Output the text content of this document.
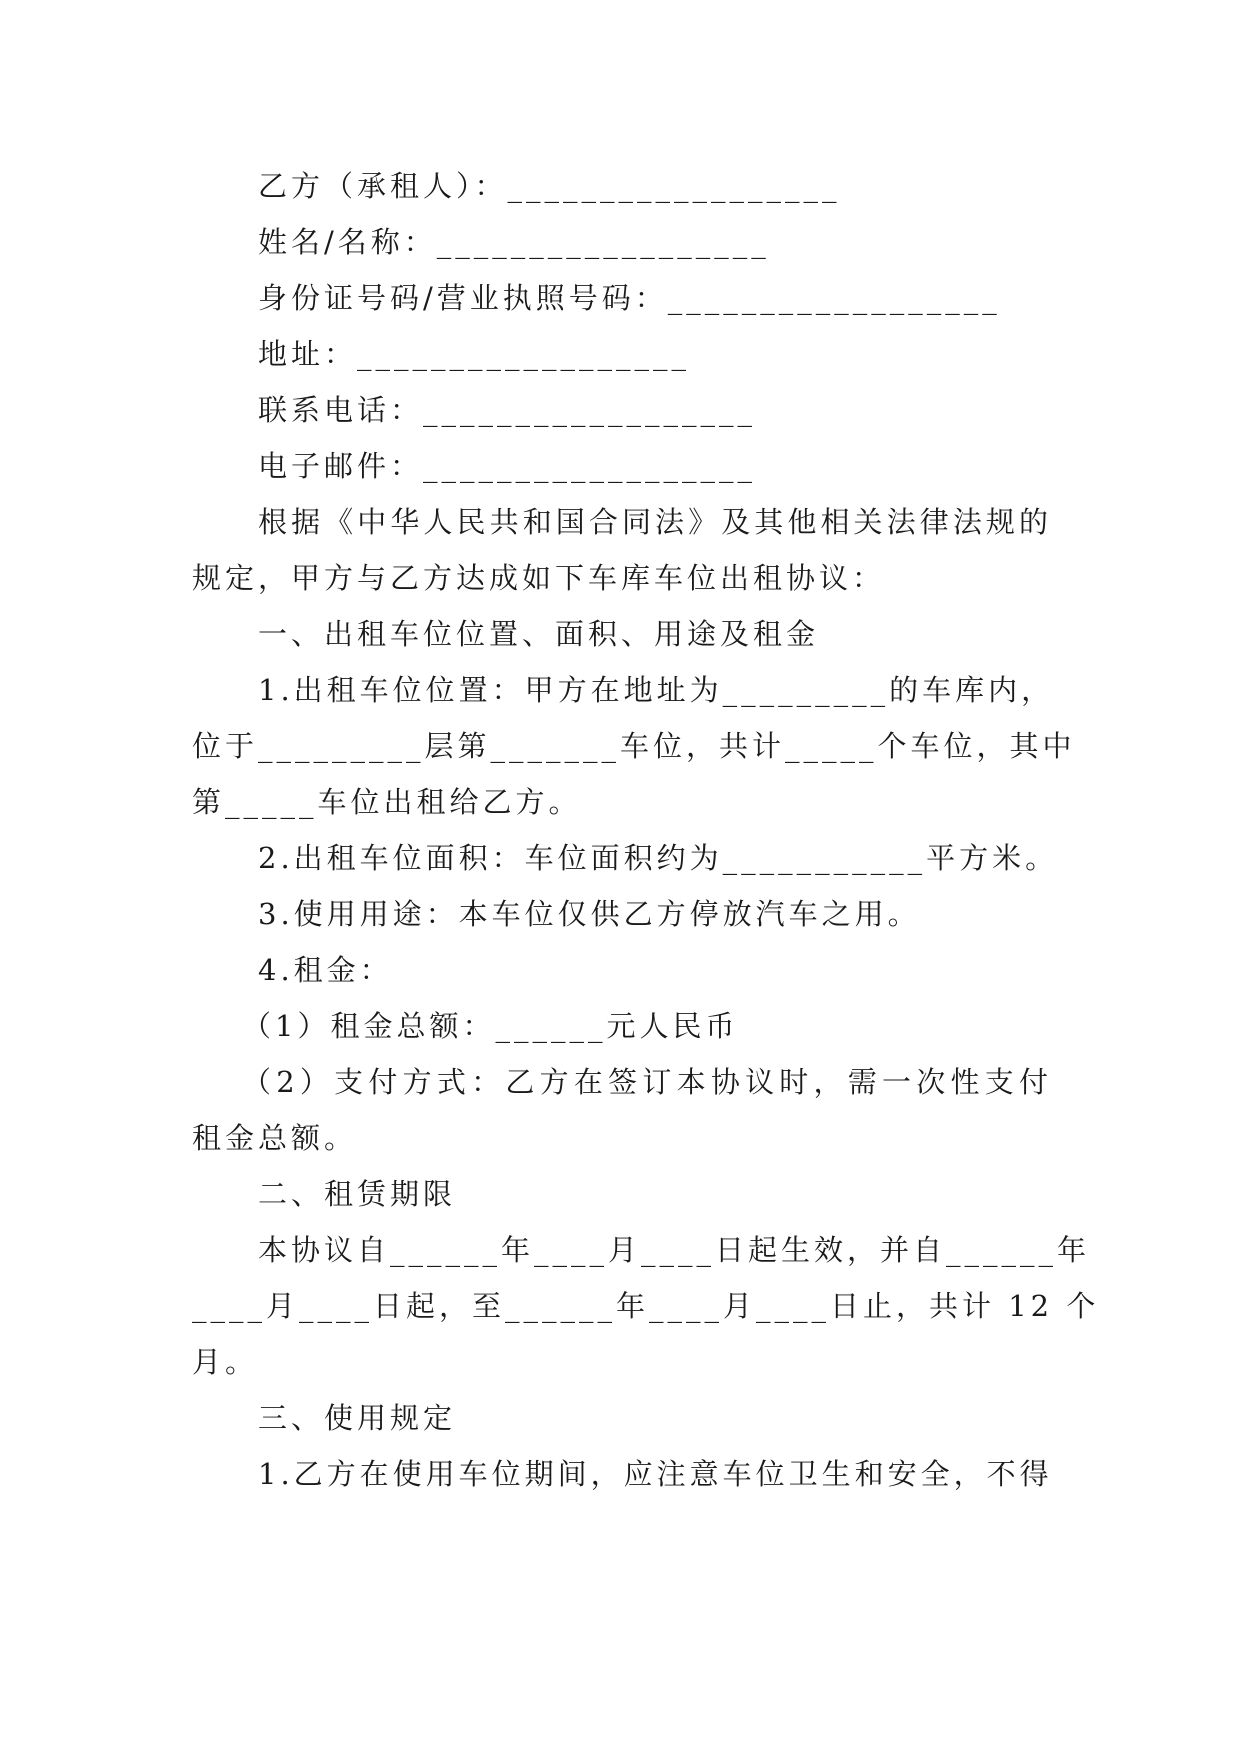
乙方（承租人）：__________________
姓名/名称：__________________
身份证号码/营业执照号码：__________________
地址：__________________
联系电话：__________________
电子邮件：__________________
根据《中华人民共和国合同法》及其他相关法律法规的
规定，甲方与乙方达成如下车库车位出租协议：
一、出租车位位置、面积、用途及租金
1.出租车位位置：甲方在地址为_________的车库内，
位于_________层第_______车位，共计_____个车位，其中
第_____车位出租给乙方。
2.出租车位面积：车位面积约为___________平方米。
3.使用用途：本车位仅供乙方停放汽车之用。
4.租金：
（1）租金总额：______元人民币
（2）支付方式：乙方在签订本协议时，需一次性支付
租金总额。
二、租赁期限
本协议自______年____月____日起生效，并自______年
____月____日起，至______年____月____日止，共计 12 个
月。
三、使用规定
1.乙方在使用车位期间，应注意车位卫生和安全，不得
